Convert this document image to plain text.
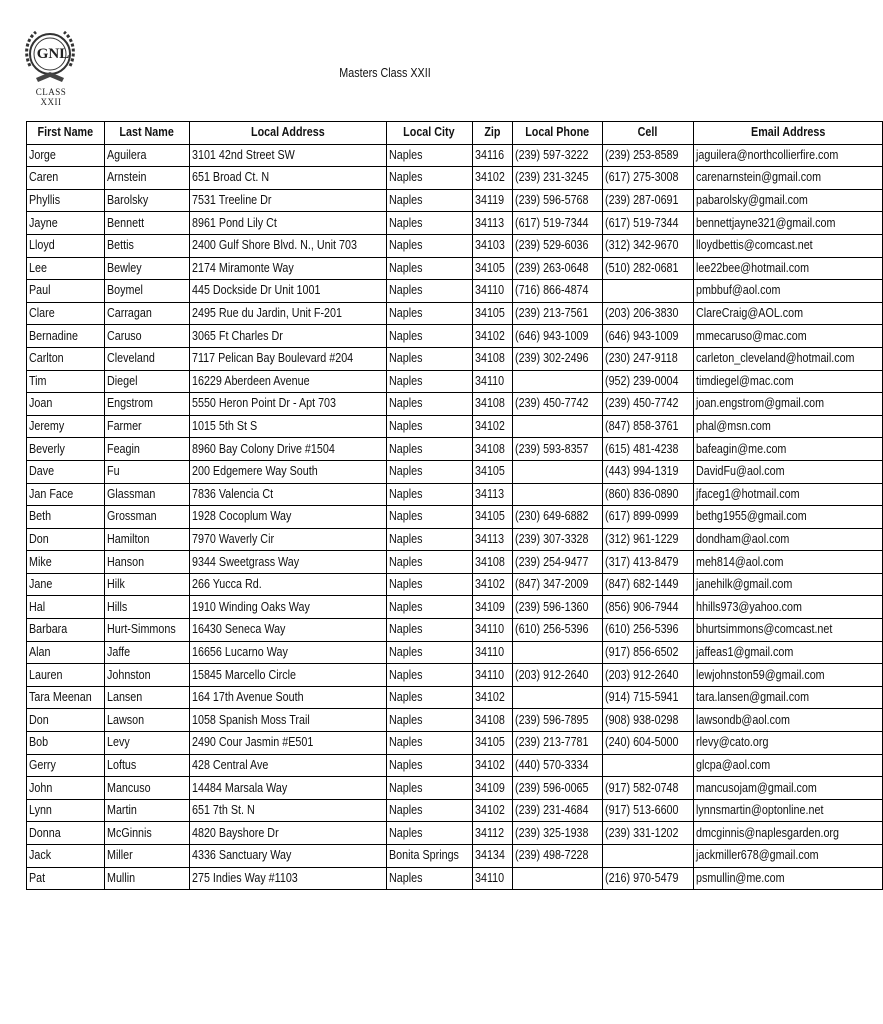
CLASS XXII
GNL
Masters Class XXII
First Name	Last Name	Local Address	Local City	Zip	Local Phone	Cell	Email Address
Jorge	Aguilera	3101 42nd Street SW	Naples	34116	(239) 597-3222	(239) 253-8589	jaguilera@northcollierfire.com
Caren	Arnstein	651 Broad Ct. N	Naples	34102	(239) 231-3245	(617) 275-3008	carenarnstein@gmail.com
Phyllis	Barolsky	7531 Treeline Dr	Naples	34119	(239) 596-5768	(239) 287-0691	pabarolsky@gmail.com
Jayne	Bennett	8961 Pond Lily Ct	Naples	34113	(617) 519-7344	(617) 519-7344	bennettjayne321@gmail.com
Lloyd	Bettis	2400 Gulf Shore Blvd. N., Unit 703	Naples	34103	(239) 529-6036	(312) 342-9670	lloydbettis@comcast.net
Lee	Bewley	2174 Miramonte Way	Naples	34105	(239) 263-0648	(510) 282-0681	lee22bee@hotmail.com
Paul	Boymel	445 Dockside Dr Unit 1001	Naples	34110	(716) 866-4874		pmbbuf@aol.com
Clare	Carragan	2495 Rue du Jardin, Unit F-201	Naples	34105	(239) 213-7561	(203) 206-3830	ClareCraig@AOL.com
Bernadine	Caruso	3065 Ft Charles Dr	Naples	34102	(646) 943-1009	(646) 943-1009	mmecaruso@mac.com
Carlton	Cleveland	7117 Pelican Bay Boulevard #204	Naples	34108	(239) 302-2496	(230) 247-9118	carleton_cleveland@hotmail.com
Tim	Diegel	16229 Aberdeen Avenue	Naples	34110		(952) 239-0004	timdiegel@mac.com
Joan	Engstrom	5550 Heron Point Dr - Apt 703	Naples	34108	(239) 450-7742	(239) 450-7742	joan.engstrom@gmail.com
Jeremy	Farmer	1015 5th St S	Naples	34102		(847) 858-3761	phal@msn.com
Beverly	Feagin	8960 Bay Colony Drive #1504	Naples	34108	(239) 593-8357	(615) 481-4238	bafeagin@me.com
Dave	Fu	200 Edgemere Way South	Naples	34105		(443) 994-1319	DavidFu@aol.com
Jan Face	Glassman	7836 Valencia Ct	Naples	34113		(860) 836-0890	jfaceg1@hotmail.com
Beth	Grossman	1928 Cocoplum Way	Naples	34105	(230) 649-6882	(617) 899-0999	bethg1955@gmail.com
Don	Hamilton	7970 Waverly Cir	Naples	34113	(239) 307-3328	(312) 961-1229	dondham@aol.com
Mike	Hanson	9344 Sweetgrass Way	Naples	34108	(239) 254-9477	(317) 413-8479	meh814@aol.com
Jane	Hilk	266 Yucca Rd.	Naples	34102	(847) 347-2009	(847) 682-1449	janehilk@gmail.com
Hal	Hills	1910 Winding Oaks Way	Naples	34109	(239) 596-1360	(856) 906-7944	hhills973@yahoo.com
Barbara	Hurt-Simmons	16430 Seneca Way	Naples	34110	(610) 256-5396	(610) 256-5396	bhurtsimmons@comcast.net
Alan	Jaffe	16656 Lucarno Way	Naples	34110		(917) 856-6502	jaffeas1@gmail.com
Lauren	Johnston	15845 Marcello Circle	Naples	34110	(203) 912-2640	(203) 912-2640	lewjohnston59@gmail.com
Tara Meenan	Lansen	164 17th Avenue South	Naples	34102		(914) 715-5941	tara.lansen@gmail.com
Don	Lawson	1058 Spanish Moss Trail	Naples	34108	(239) 596-7895	(908) 938-0298	lawsondb@aol.com
Bob	Levy	2490 Cour Jasmin #E501	Naples	34105	(239) 213-7781	(240) 604-5000	rlevy@cato.org
Gerry	Loftus	428 Central Ave	Naples	34102	(440) 570-3334		glcpa@aol.com
John	Mancuso	14484 Marsala Way	Naples	34109	(239) 596-0065	(917) 582-0748	mancusojam@gmail.com
Lynn	Martin	651 7th St. N	Naples	34102	(239) 231-4684	(917) 513-6600	lynnsmartin@optonline.net
Donna	McGinnis	4820 Bayshore Dr	Naples	34112	(239) 325-1938	(239) 331-1202	dmcginnis@naplesgarden.org
Jack	Miller	4336 Sanctuary Way	Bonita Springs	34134	(239) 498-7228		jackmiller678@gmail.com
Pat	Mullin	275 Indies Way #1103	Naples	34110		(216) 970-5479	psmullin@me.com
